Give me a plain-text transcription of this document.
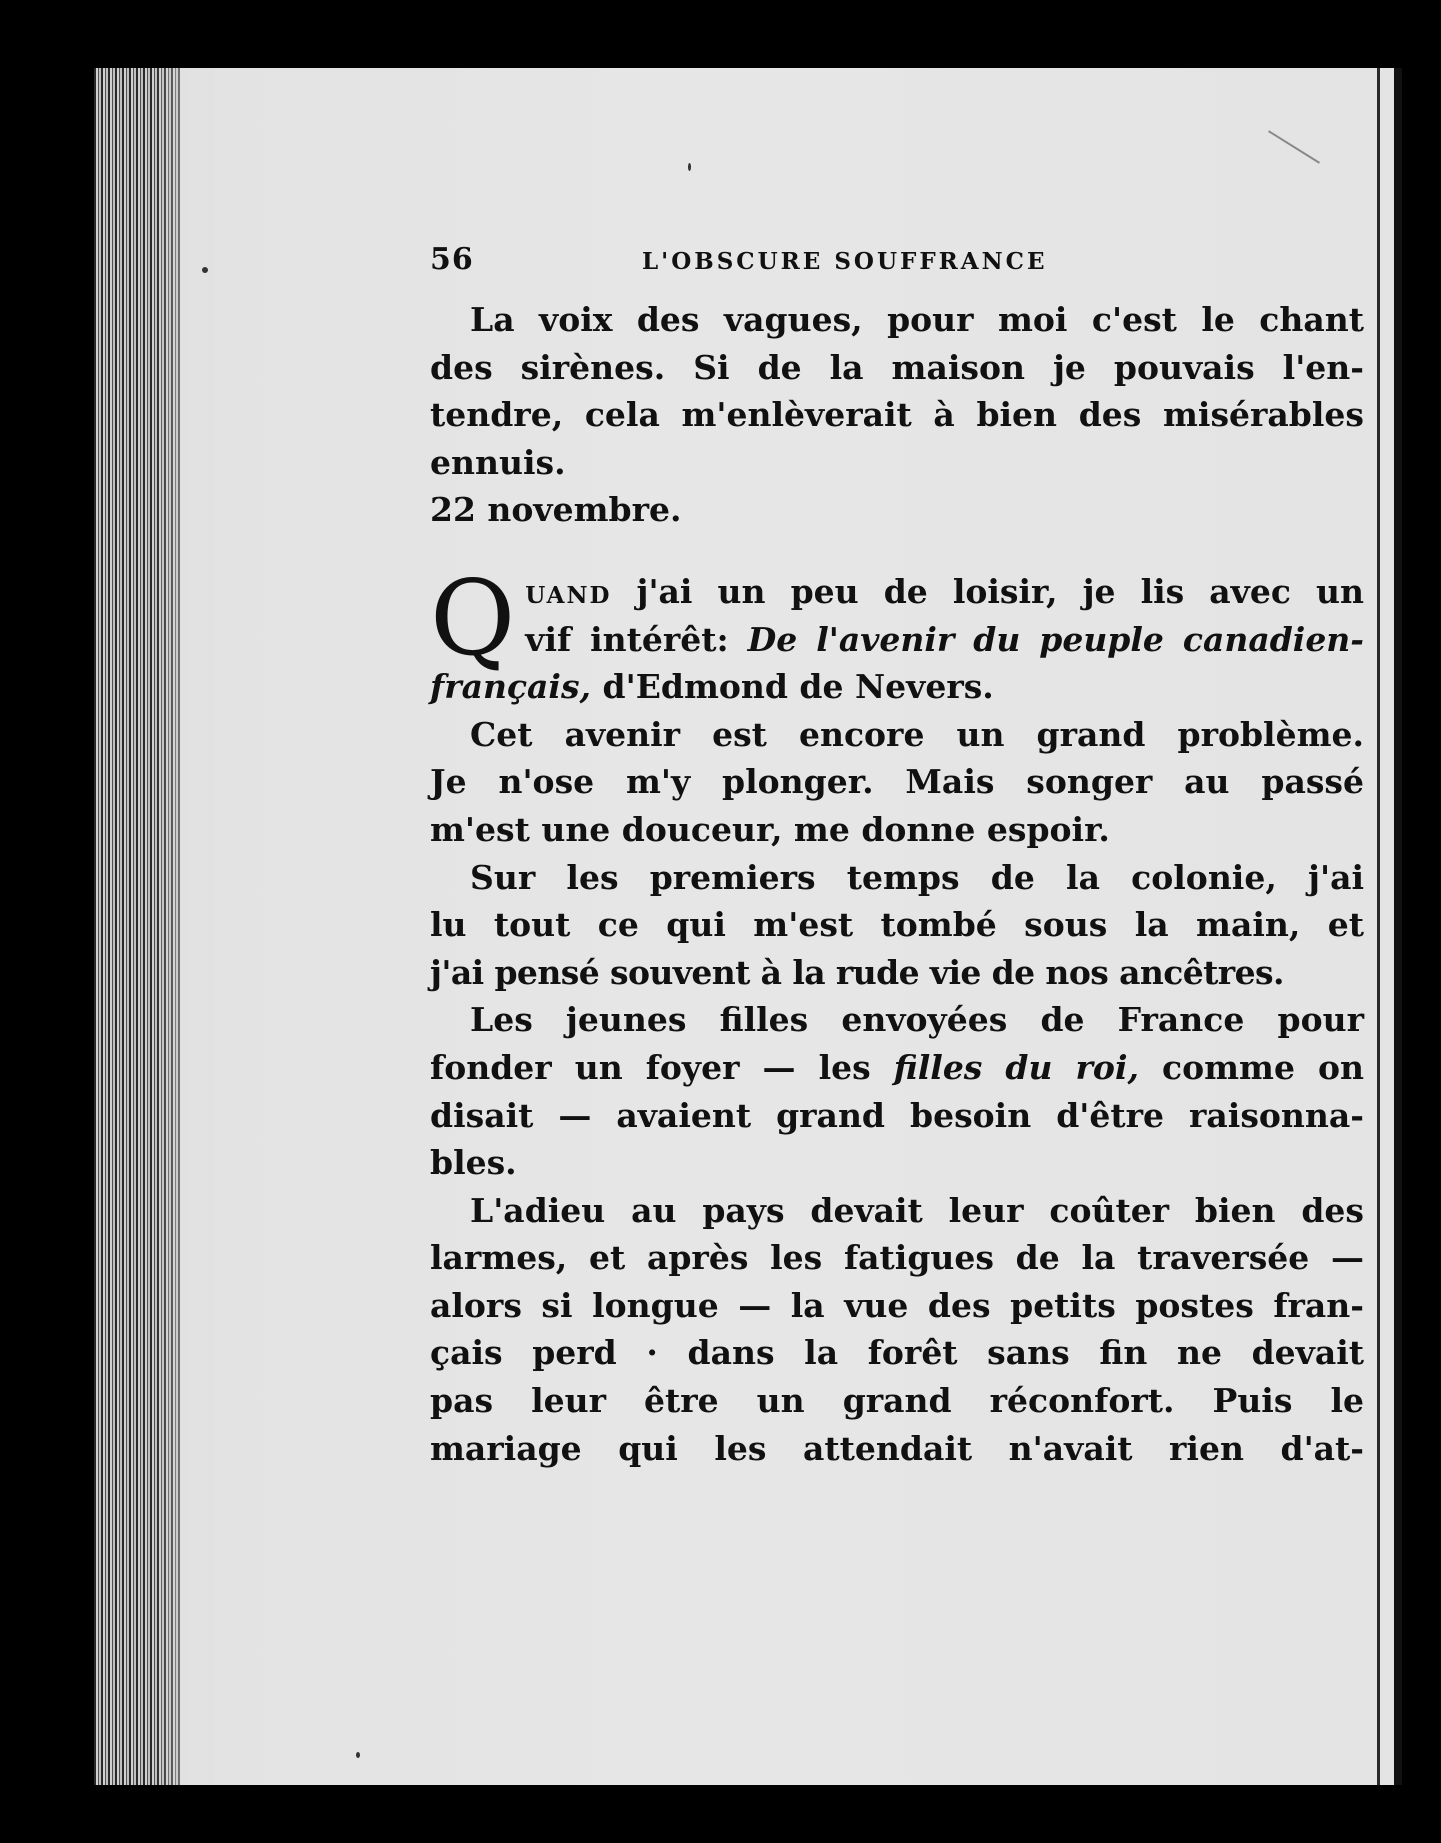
56	L'OBSCURE SOUFFRANCE

La voix des vagues, pour moi c'est le chant
des sirènes. Si de la maison je pouvais l'en-
tendre, cela m'enlèverait à bien des misérables
ennuis.

22 novembre.

Q uand j'ai un peu de loisir, je lis avec un
vif intérêt: De l'avenir du peuple canadien-
français, d'Edmond de Nevers.

Cet avenir est encore un grand problème.
Je n'ose m'y plonger. Mais songer au passé
m'est une douceur, me donne espoir.

Sur les premiers temps de la colonie, j'ai
lu tout ce qui m'est tombé sous la main, et
j'ai pensé souvent à la rude vie de nos ancêtres.

Les jeunes filles envoyées de France pour
fonder un foyer — les filles du roi, comme on
disait — avaient grand besoin d'être raisonna-
bles.

L'adieu au pays devait leur coûter bien des
larmes, et après les fatigues de la traversée —
alors si longue — la vue des petits postes fran-
çais perd · dans la forêt sans fin ne devait
pas leur être un grand réconfort. Puis le
mariage qui les attendait n'avait rien d'at-
